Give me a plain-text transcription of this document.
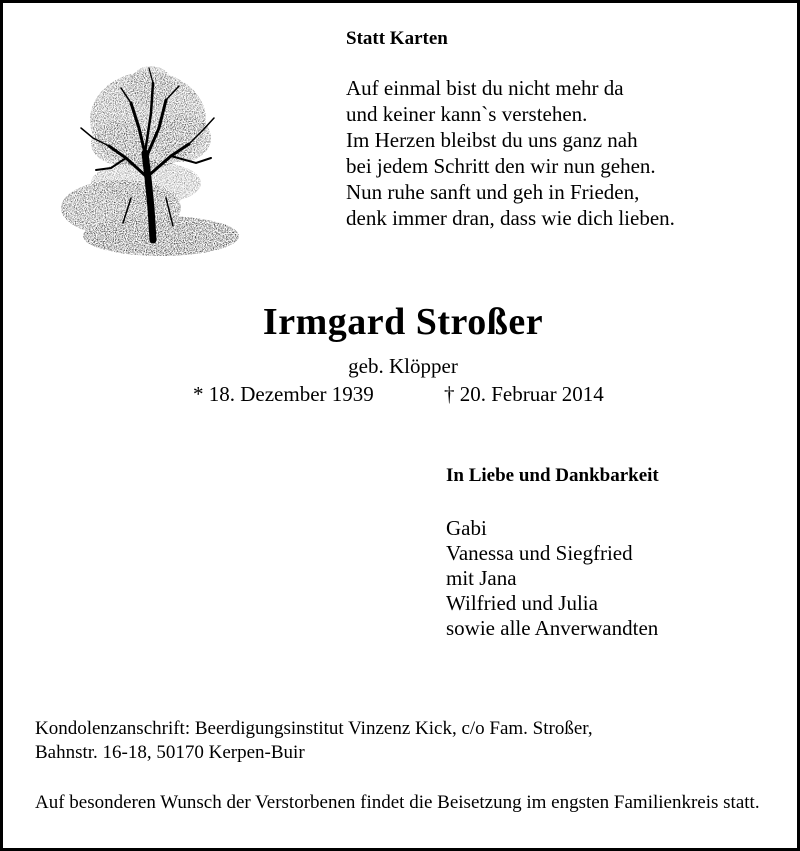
Statt Karten
Auf einmal bist du nicht mehr da
und keiner kann`s verstehen.
Im Herzen bleibst du uns ganz nah
bei jedem Schritt den wir nun gehen.
Nun ruhe sanft und geh in Frieden,
denk immer dran, dass wie dich lieben.
Irmgard Stroßer
geb. Klöpper
* 18. Dezember 1939	† 20. Februar 2014
In Liebe und Dankbarkeit
Gabi
Vanessa und Siegfried
mit Jana
Wilfried und Julia
sowie alle Anverwandten
Kondolenzanschrift: Beerdigungsinstitut Vinzenz Kick, c/o Fam. Stroßer,
Bahnstr. 16-18, 50170 Kerpen-Buir
Auf besonderen Wunsch der Verstorbenen findet die Beisetzung im engsten Familienkreis statt.
